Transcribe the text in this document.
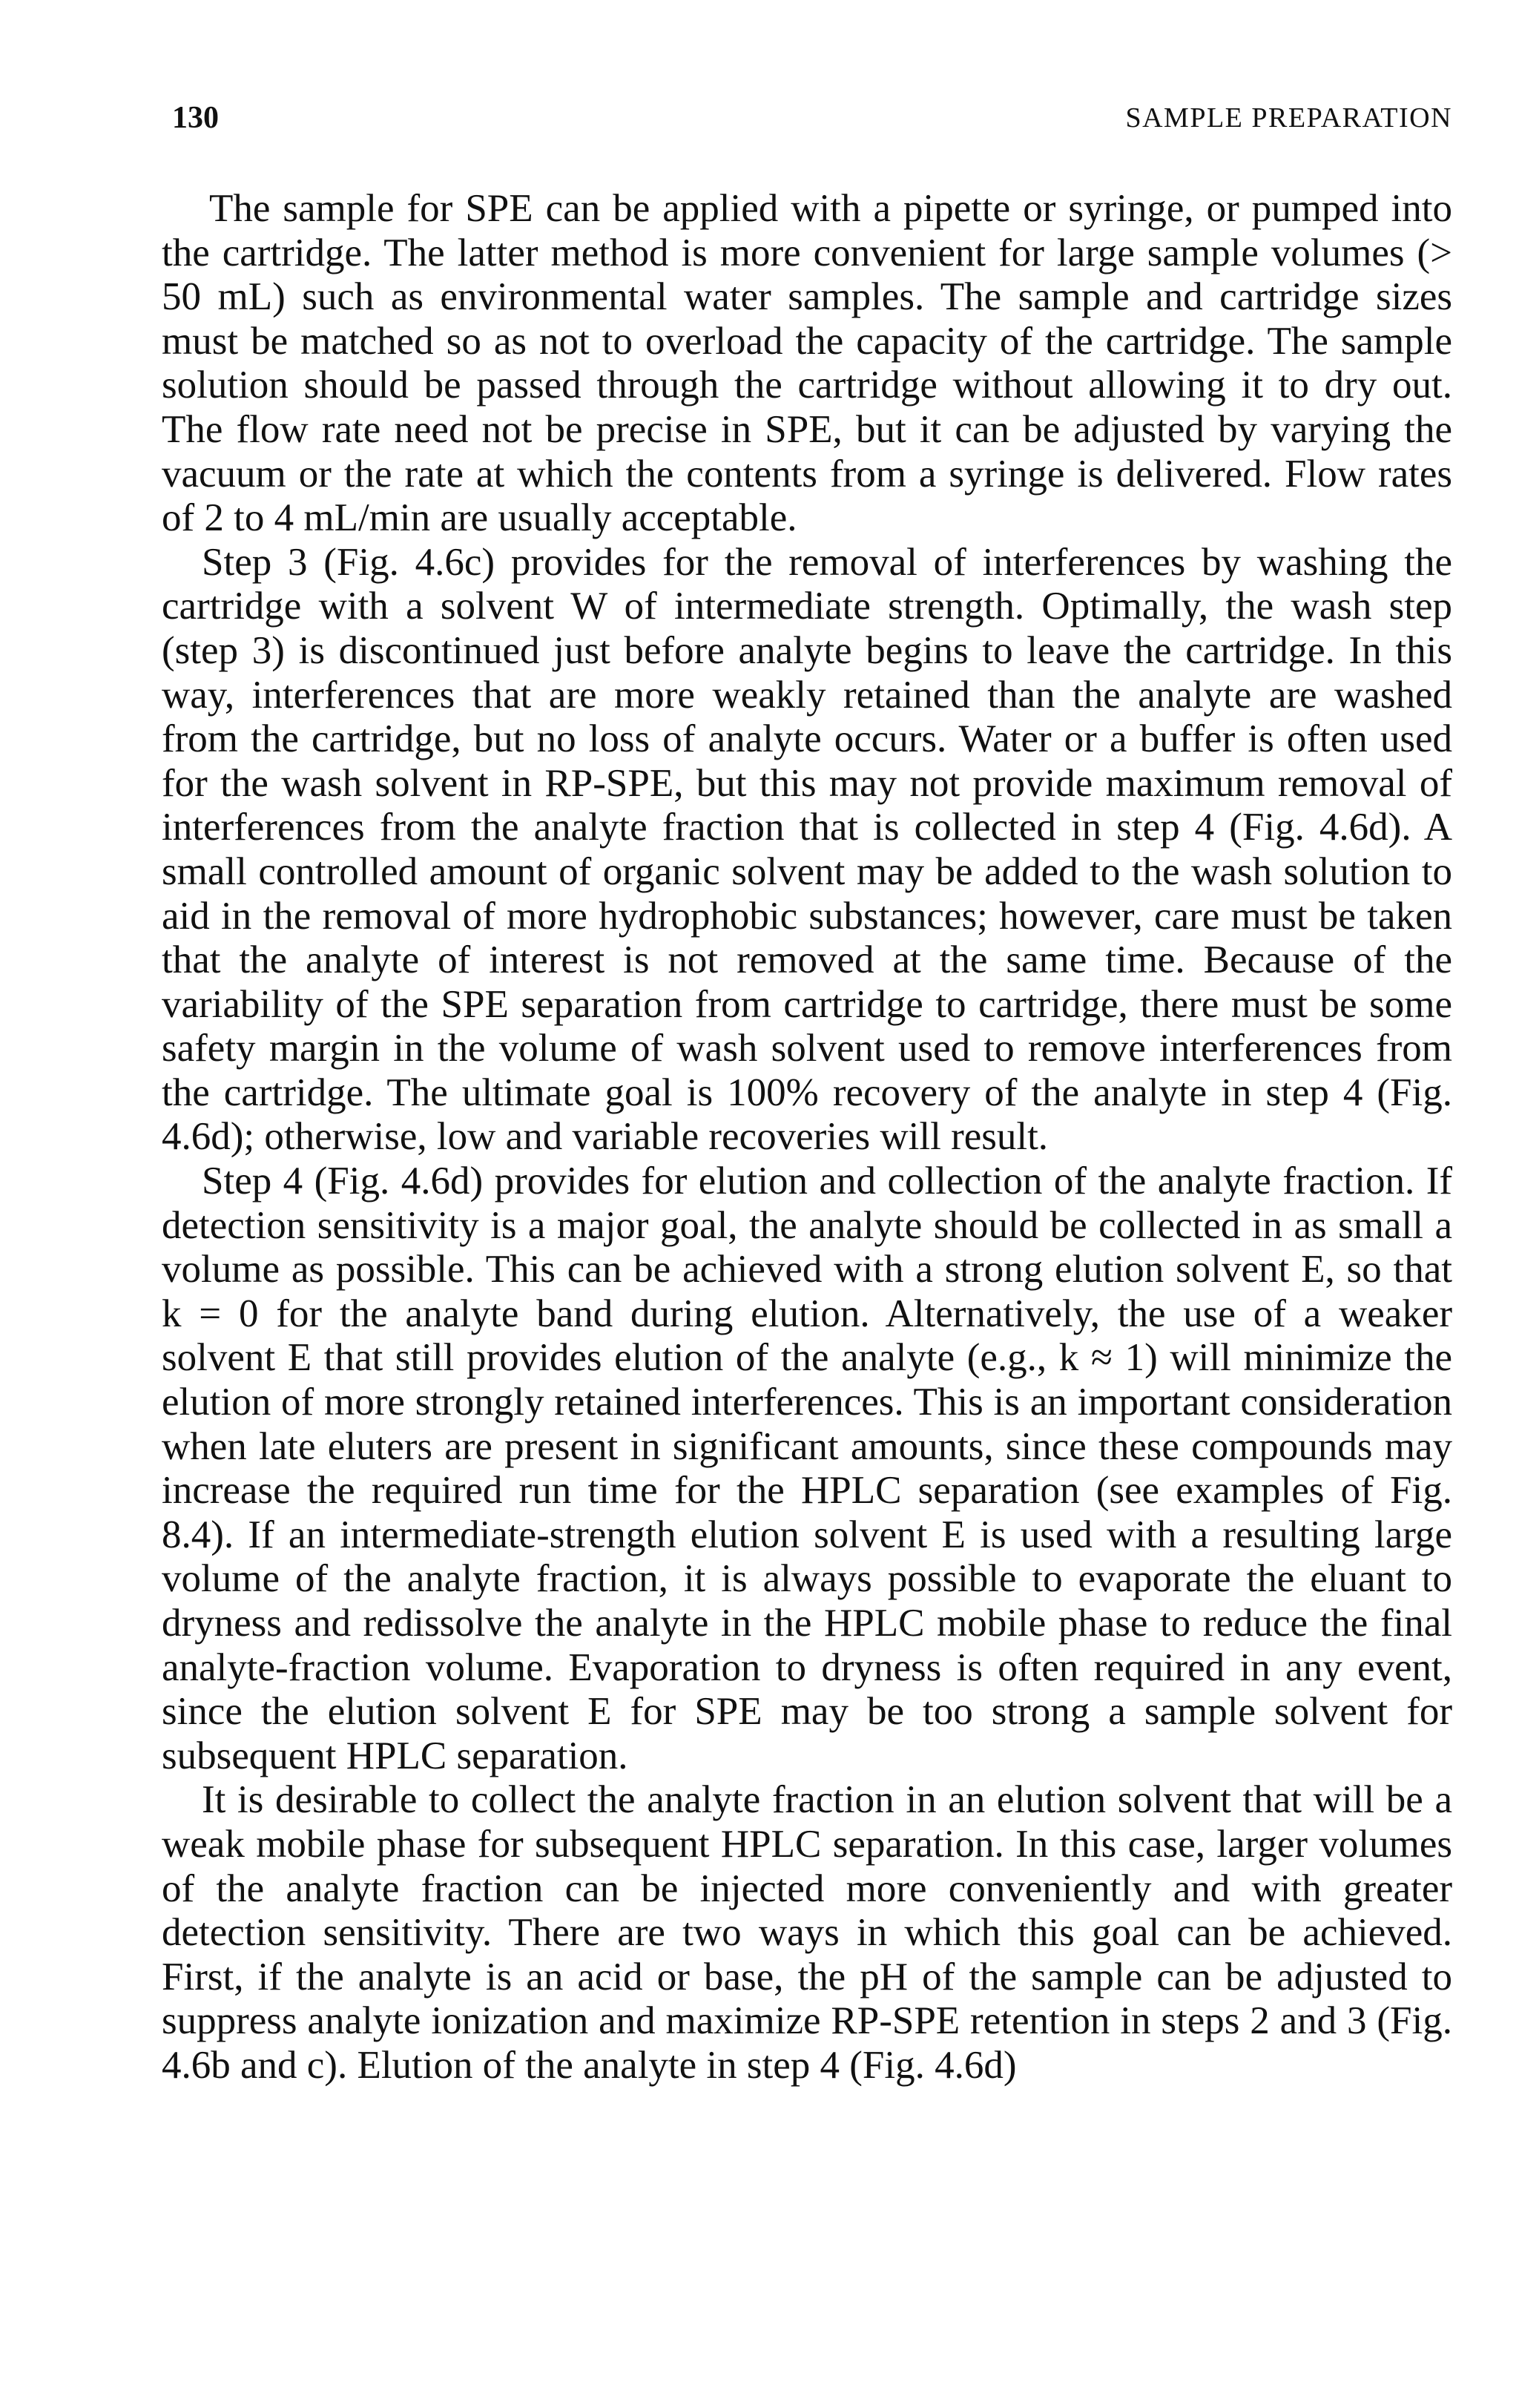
130	SAMPLE PREPARATION

The sample for SPE can be applied with a pipette or syringe, or pumped into the cartridge. The latter method is more convenient for large sample volumes (> 50 mL) such as environmental water samples. The sample and cartridge sizes must be matched so as not to overload the capacity of the cartridge. The sample solution should be passed through the cartridge without allowing it to dry out. The flow rate need not be precise in SPE, but it can be adjusted by varying the vacuum or the rate at which the contents from a syringe is delivered. Flow rates of 2 to 4 mL/min are usually acceptable.

Step 3 (Fig. 4.6c) provides for the removal of interferences by washing the cartridge with a solvent W of intermediate strength. Optimally, the wash step (step 3) is discontinued just before analyte begins to leave the cartridge. In this way, interferences that are more weakly retained than the analyte are washed from the cartridge, but no loss of analyte occurs. Water or a buffer is often used for the wash solvent in RP-SPE, but this may not provide maximum removal of interferences from the analyte fraction that is collected in step 4 (Fig. 4.6d). A small controlled amount of organic solvent may be added to the wash solution to aid in the removal of more hydrophobic substances; however, care must be taken that the analyte of interest is not removed at the same time. Because of the variability of the SPE separation from cartridge to cartridge, there must be some safety margin in the volume of wash solvent used to remove interferences from the cartridge. The ultimate goal is 100% recovery of the analyte in step 4 (Fig. 4.6d); otherwise, low and variable recoveries will result.

Step 4 (Fig. 4.6d) provides for elution and collection of the analyte fraction. If detection sensitivity is a major goal, the analyte should be collected in as small a volume as possible. This can be achieved with a strong elution solvent E, so that k = 0 for the analyte band during elution. Alternatively, the use of a weaker solvent E that still provides elution of the analyte (e.g., k ≈ 1) will minimize the elution of more strongly retained interferences. This is an important consideration when late eluters are present in significant amounts, since these compounds may increase the required run time for the HPLC separation (see examples of Fig. 8.4). If an intermediate-strength elution solvent E is used with a resulting large volume of the analyte fraction, it is always possible to evaporate the eluant to dryness and redissolve the analyte in the HPLC mobile phase to reduce the final analyte-fraction volume. Evaporation to dryness is often required in any event, since the elution solvent E for SPE may be too strong a sample solvent for subsequent HPLC separation.

It is desirable to collect the analyte fraction in an elution solvent that will be a weak mobile phase for subsequent HPLC separation. In this case, larger volumes of the analyte fraction can be injected more conveniently and with greater detection sensitivity. There are two ways in which this goal can be achieved. First, if the analyte is an acid or base, the pH of the sample can be adjusted to suppress analyte ionization and maximize RP-SPE retention in steps 2 and 3 (Fig. 4.6b and c). Elution of the analyte in step 4 (Fig. 4.6d)
